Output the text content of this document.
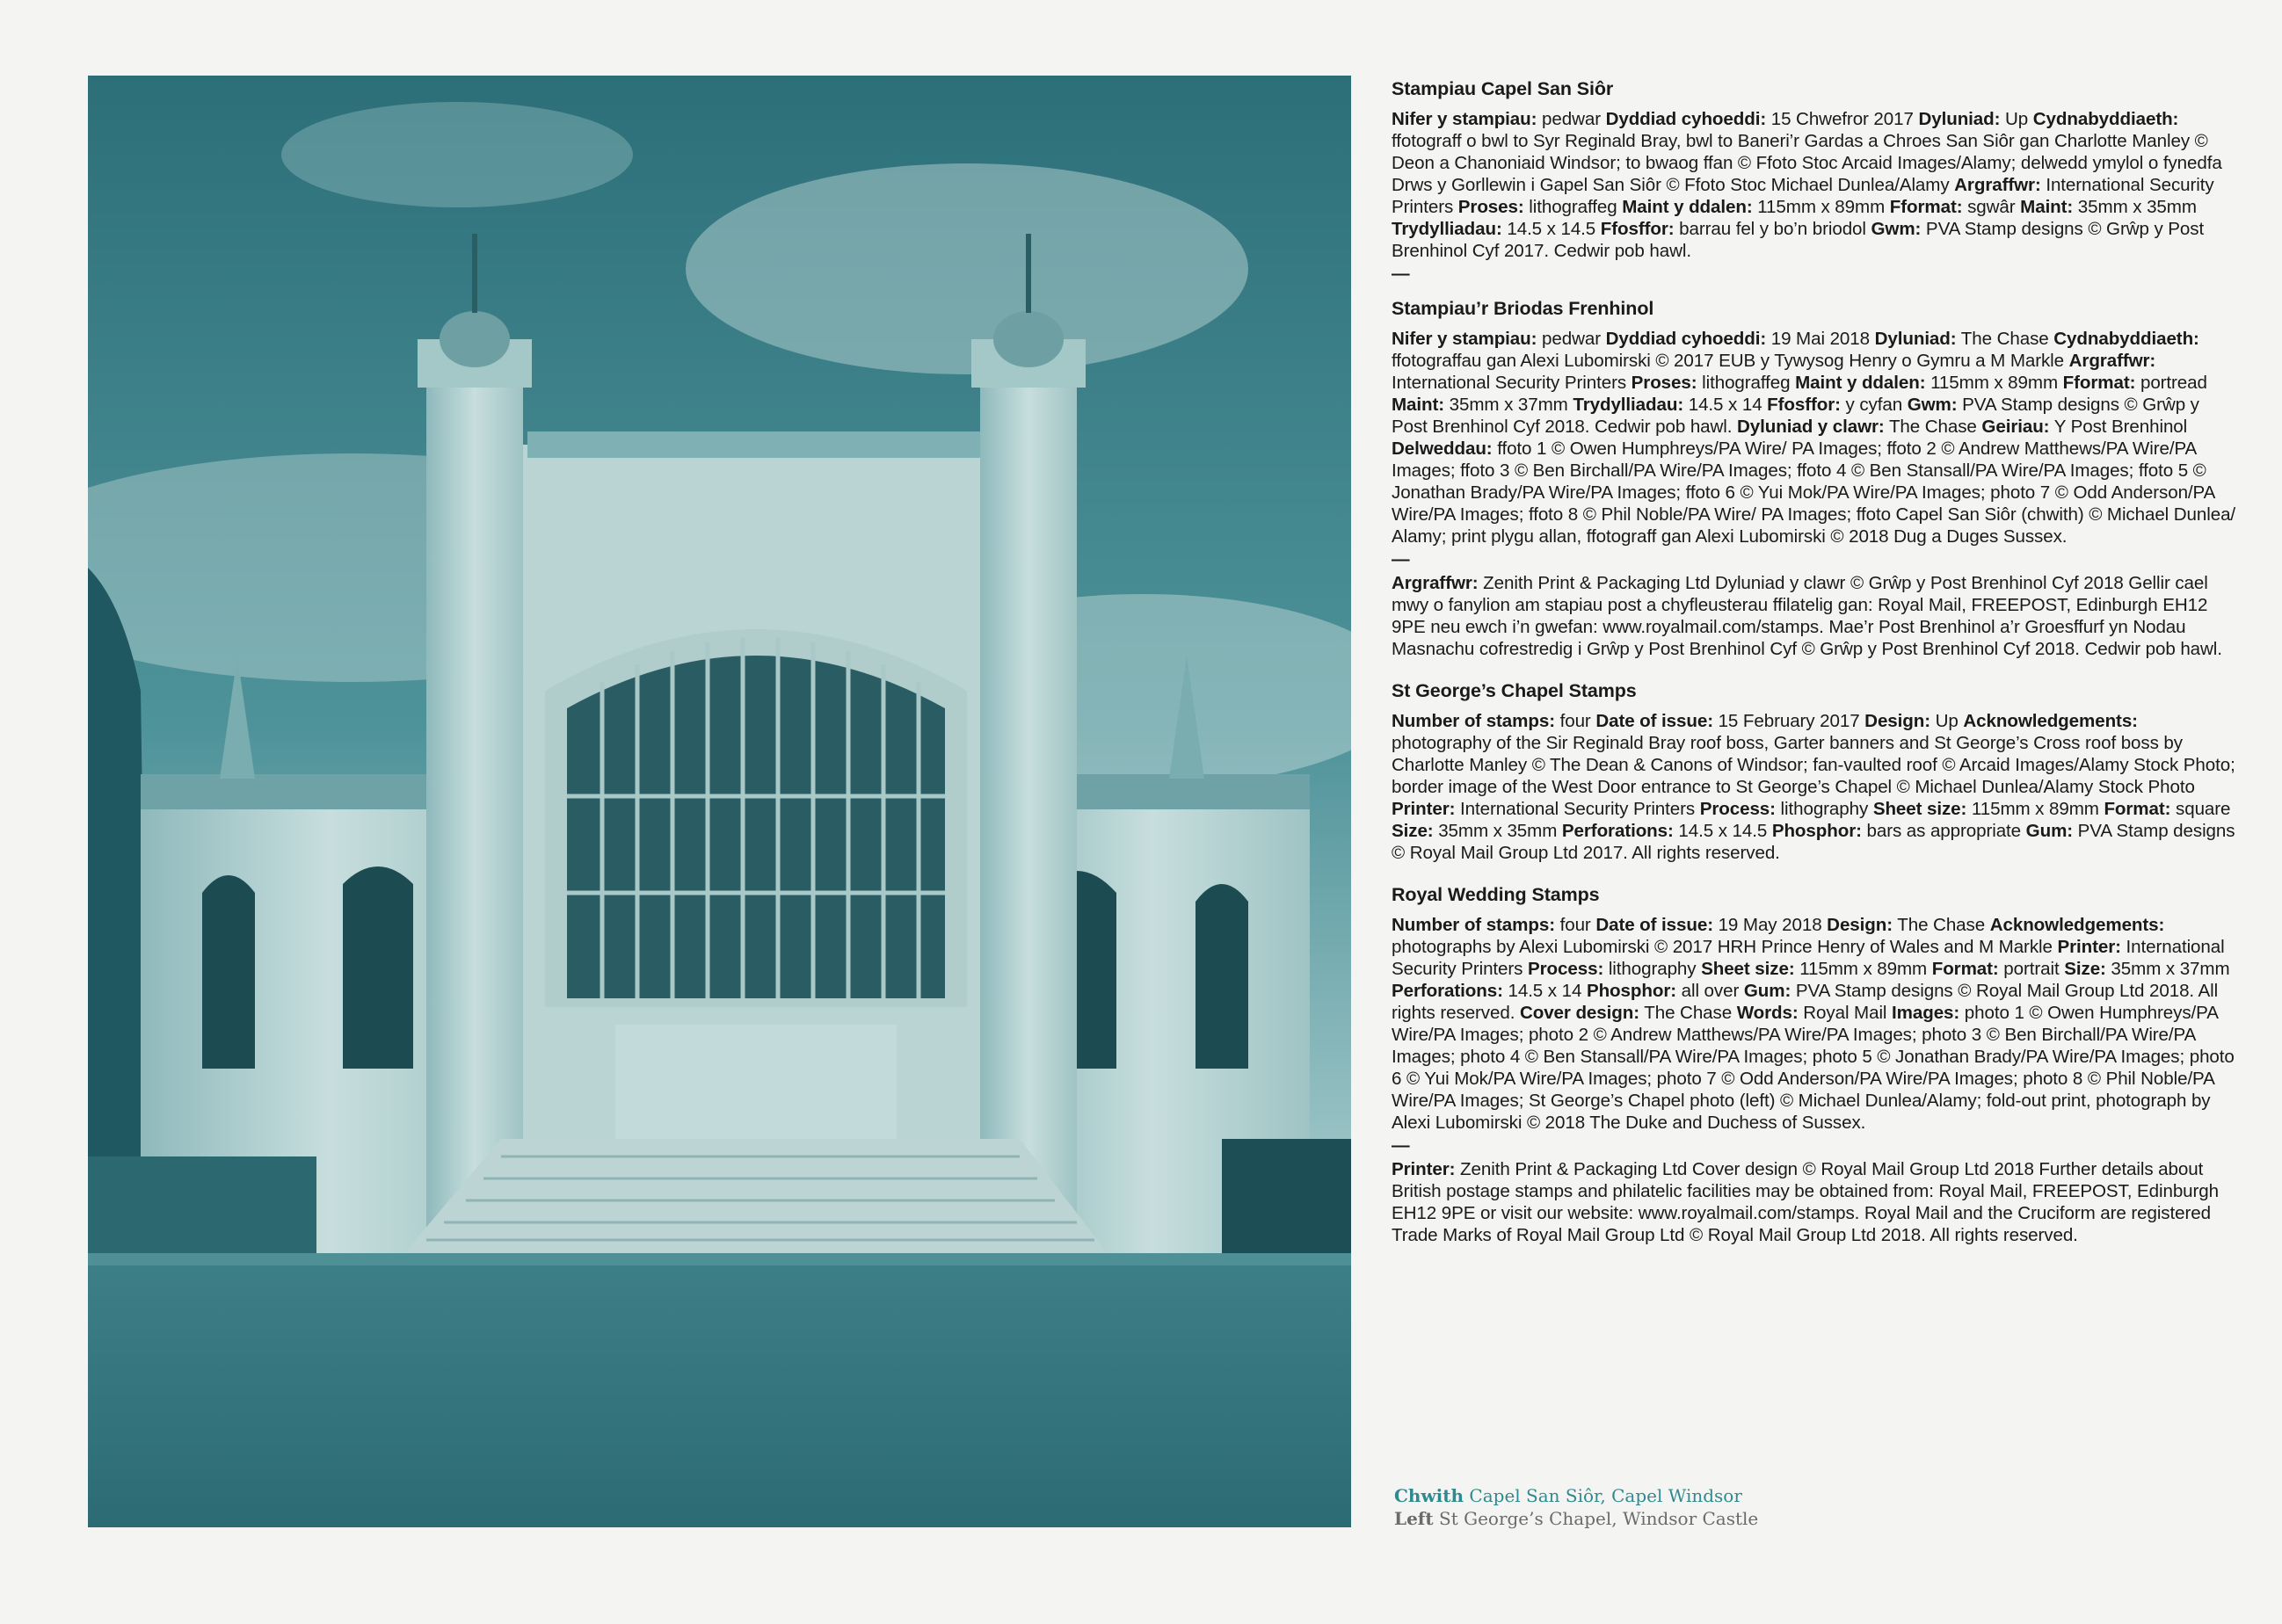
Stampiau Capel San Siôr

Nifer y stampiau: pedwar Dyddiad cyhoeddi: 15 Chwefror 2017 Dyluniad: Up Cydnabyddiaeth: ffotograff o bwl to Syr Reginald Bray, bwl to Baneri’r Gardas a Chroes San Siôr gan Charlotte Manley © Deon a Chanoniaid Windsor; to bwaog ffan © Ffoto Stoc Arcaid Images/Alamy; delwedd ymylol o fynedfa Drws y Gorllewin i Gapel San Siôr © Ffoto Stoc Michael Dunlea/Alamy Argraffwr: International Security Printers Proses: lithograffeg Maint y ddalen: 115mm x 89mm Fformat: sgwâr Maint: 35mm x 35mm Trydylliadau: 14.5 x 14.5 Ffosffor: barrau fel y bo’n briodol Gwm: PVA Stamp designs © Grŵp y Post Brenhinol Cyf 2017. Cedwir pob hawl.

—
Stampiau’r Briodas Frenhinol

Nifer y stampiau: pedwar Dyddiad cyhoeddi: 19 Mai 2018 Dyluniad: The Chase Cydnabyddiaeth: ffotograffau gan Alexi Lubomirski © 2017 EUB y Tywysog Henry o Gymru a M Markle Argraffwr: International Security Printers Proses: lithograffeg Maint y ddalen: 115mm x 89mm Fformat: portread Maint: 35mm x 37mm Trydylliadau: 14.5 x 14 Ffosffor: y cyfan Gwm: PVA Stamp designs © Grŵp y Post Brenhinol Cyf 2018. Cedwir pob hawl. Dyluniad y clawr: The Chase Geiriau: Y Post Brenhinol Delweddau: ffoto 1 © Owen Humphreys/PA Wire/ PA Images; ffoto 2 © Andrew Matthews/PA Wire/PA Images; ffoto 3 © Ben Birchall/PA Wire/PA Images; ffoto 4 © Ben Stansall/PA Wire/PA Images; ffoto 5 © Jonathan Brady/PA Wire/PA Images; ffoto 6 © Yui Mok/PA Wire/PA Images; photo 7 © Odd Anderson/PA Wire/PA Images; ffoto 8 © Phil Noble/PA Wire/ PA Images; ffoto Capel San Siôr (chwith) © Michael Dunlea/ Alamy; print plygu allan, ffotograff gan Alexi Lubomirski © 2018 Dug a Duges Sussex.

—

Argraffwr: Zenith Print & Packaging Ltd Dyluniad y clawr © Grŵp y Post Brenhinol Cyf 2018 Gellir cael mwy o fanylion am stapiau post a chyfleusterau ffilatelig gan: Royal Mail, FREEPOST, Edinburgh EH12 9PE neu ewch i’n gwefan: www.royalmail.com/stamps. Mae’r Post Brenhinol a’r Groesffurf yn Nodau Masnachu cofrestredig i Grŵp y Post Brenhinol Cyf © Grŵp y Post Brenhinol Cyf 2018. Cedwir pob hawl.

St George’s Chapel Stamps

Number of stamps: four Date of issue: 15 February 2017 Design: Up Acknowledgements: photography of the Sir Reginald Bray roof boss, Garter banners and St George’s Cross roof boss by Charlotte Manley © The Dean & Canons of Windsor; fan-vaulted roof © Arcaid Images/Alamy Stock Photo; border image of the West Door entrance to St George’s Chapel © Michael Dunlea/Alamy Stock Photo Printer: International Security Printers Process: lithography Sheet size: 115mm x 89mm Format: square Size: 35mm x 35mm Perforations: 14.5 x 14.5 Phosphor: bars as appropriate Gum: PVA Stamp designs © Royal Mail Group Ltd 2017. All rights reserved.

Royal Wedding Stamps

Number of stamps: four Date of issue: 19 May 2018 Design: The Chase Acknowledgements: photographs by Alexi Lubomirski © 2017 HRH Prince Henry of Wales and M Markle Printer: International Security Printers Process: lithography Sheet size: 115mm x 89mm Format: portrait Size: 35mm x 37mm Perforations: 14.5 x 14 Phosphor: all over Gum: PVA Stamp designs © Royal Mail Group Ltd 2018. All rights reserved. Cover design: The Chase Words: Royal Mail Images: photo 1 © Owen Humphreys/PA Wire/PA Images; photo 2 © Andrew Matthews/PA Wire/PA Images; photo 3 © Ben Birchall/PA Wire/PA Images; photo 4 © Ben Stansall/PA Wire/PA Images; photo 5 © Jonathan Brady/PA Wire/PA Images; photo 6 © Yui Mok/PA Wire/PA Images; photo 7 © Odd Anderson/PA Wire/PA Images; photo 8 © Phil Noble/PA Wire/PA Images; St George’s Chapel photo (left) © Michael Dunlea/Alamy; fold-out print, photograph by Alexi Lubomirski © 2018 The Duke and Duchess of Sussex.

—

Printer: Zenith Print & Packaging Ltd Cover design © Royal Mail Group Ltd 2018 Further details about British postage stamps and philatelic facilities may be obtained from: Royal Mail, FREEPOST, Edinburgh EH12 9PE or visit our website: www.royalmail.com/stamps. Royal Mail and the Cruciform are registered Trade Marks of Royal Mail Group Ltd © Royal Mail Group Ltd 2018. All rights reserved.

Chwith Capel San Siôr, Capel Windsor
Left St George’s Chapel, Windsor Castle
